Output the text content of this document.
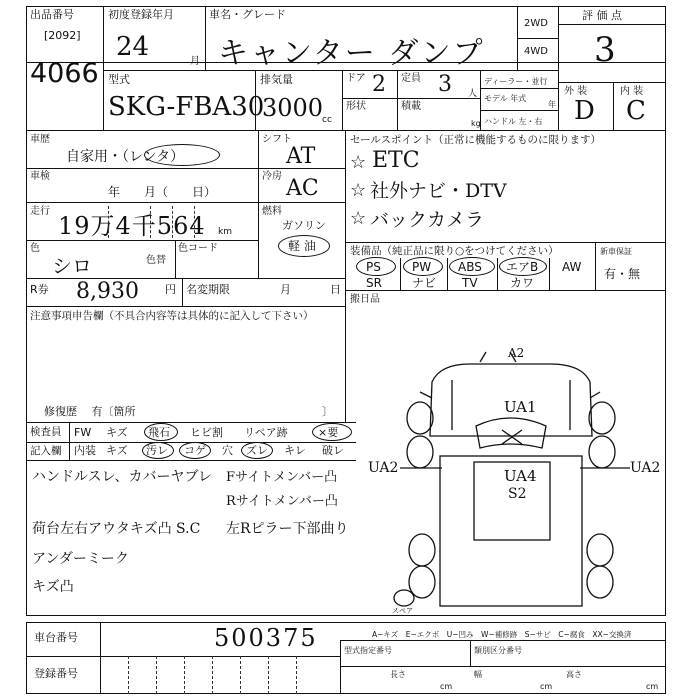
出品番号
[2092]
4066
初度登録年月
24	月
車名・グレード
キャンター ダンプ
2WD
4WD
評 価 点
3
外 装	内 装
D C
型式
SKG-FBA30
排気量
3000
cc
ドア 2 定員 3 人
形状	積載
kg
ディーラー・並行
モデル 年式
年
ハンドル 左・右
車歴
自家用・（レンタ）
車検
年　　月（　　日）
走行
19万4千564 km
色
シロ	色替
色コード
シフト
AT
冷房 AC
燃料
ガソリン
軽 油
セールスポイント（正常に機能するものに限ります）
☆ ETC
☆ 社外ナビ・DTV
☆ バックカメラ
装備品（純正品に限り○をつけてください）
PS	PW ABS エアB AW
SR	ナビ TV	カワ
新車保証
有・無
R券 8,930 円 名変期限	月	日
搬日品
注意事項申告欄（不具合内容等は具体的に記入して下さい）
修復歴　 有〔箇所	〕
検査員
記入欄
FW キズ 飛石 ヒビ割 リペア跡	×要
内装 キズ 汚レ コゲ 穴 ズレ キレ 破レ
ハンドルスレ、カバーヤブレ Fサイトメンバー凸
Rサイトメンバー凸
荷台左右アウタキズ凸 S.C 左Rピラー下部曲り
アンダーミーク
キズ凸
A2
UA1
UA2	UA2
UA4
S2
スペア
A−キズ　E−エクボ　U−凹み　W−補修跡　S−サビ　C−腐食　XX−交換済
車台番号	500375
登録番号
型式指定番号	類別区分番号
長さ
cm
幅
cm
高さ
cm
